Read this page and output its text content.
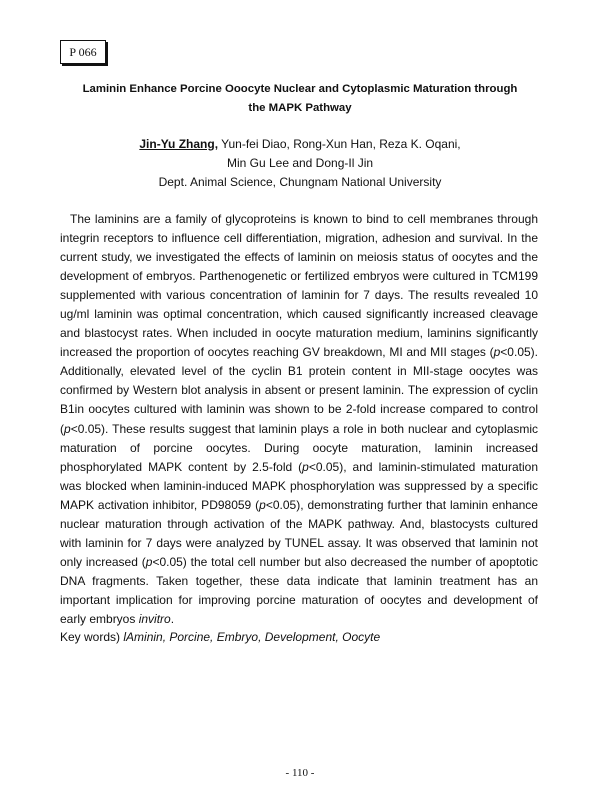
P 066
Laminin Enhance Porcine Ooocyte Nuclear and Cytoplasmic Maturation through
the MAPK Pathway
Jin-Yu Zhang, Yun-fei Diao, Rong-Xun Han, Reza K. Oqani,
Min Gu Lee and Dong-Il Jin
Dept. Animal Science, Chungnam National University

The laminins are a family of glycoproteins is known to bind to cell membranes through integrin receptors to influence cell differentiation, migration, adhesion and survival. In the current study, we investigated the effects of laminin on meiosis status of oocytes and the development of embryos. Parthenogenetic or fertilized embryos were cultured in TCM199 supplemented with various concentration of laminin for 7 days. The results revealed 10 ug/ml laminin was optimal concentration, which caused significantly increased cleavage and blastocyst rates. When included in oocyte maturation medium, laminins significantly increased the proportion of oocytes reaching GV breakdown, MI and MII stages (p<0.05). Additionally, elevated level of the cyclin B1 protein content in MII-stage oocytes was confirmed by Western blot analysis in absent or present laminin. The expression of cyclin B1in oocytes cultured with laminin was shown to be 2-fold increase compared to control (p<0.05). These results suggest that laminin plays a role in both nuclear and cytoplasmic maturation of porcine oocytes. During oocyte maturation, laminin increased phosphorylated MAPK content by 2.5-fold (p<0.05), and laminin-stimulated maturation was blocked when laminin-induced MAPK phosphorylation was suppressed by a specific MAPK activation inhibitor, PD98059 (p<0.05), demonstrating further that laminin enhance nuclear maturation through activation of the MAPK pathway. And, blastocysts cultured with laminin for 7 days were analyzed by TUNEL assay. It was observed that laminin not only increased (p<0.05) the total cell number but also decreased the number of apoptotic DNA fragments. Taken together, these data indicate that laminin treatment has an important implication for improving porcine maturation of oocytes and development of early embryos invitro.

Key words) lAminin, Porcine, Embryo, Development, Oocyte
- 110 -
